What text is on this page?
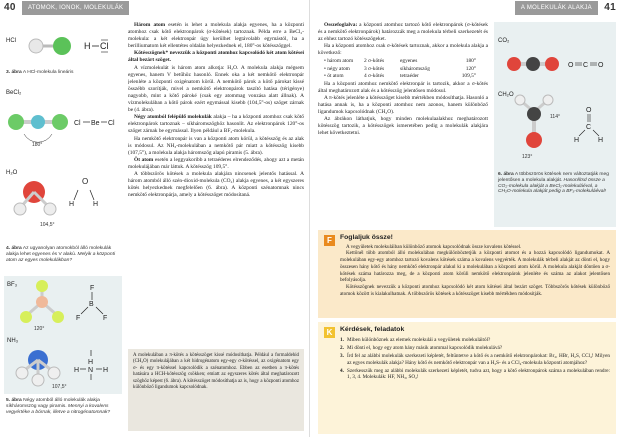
40	ATOMOK, IONOK, MOLEKULÁK
HCl	H Cl
3. ábra A HCl-molekula lineáris
BeCl₂
180°
Cl Be Cl
104,5°
O
H	H
H₂O
4. ábra Az ugyanolyan atomokból álló molekulák alakja lehet egyenes és V alakú. Melyik a központi atom az egyes molekulákban?
BF₃
120°
F
B
F	F
107,5°
H
N
H	H
NH₃
5. ábra Négy atomból álló molekulák alakja síkháromszög vagy piramis. Mennyi a kovalens vegyértéke a bórnak, illetve a nitrogénatomnak?

Három atom esetén is lehet a molekula alakja egyenes, ha a központi atomhoz csak kötő elektronpárok (σ-kötések) tartoznak. Példa erre a BeCl₂-molekula: a két elektronpár úgy kerülhet legtávolabb egymástól, ha a berilliumatom két ellentétes oldalán helyezkednek el, 180°-os kötésszöggel.

Kötésszögnek* nevezzük a központi atomhoz kapcsolódó két atom kötései által bezárt szöget.

A vízmolekulát is három atom alkotja: H₂O. A molekula alakja mégsem egyenes, hanem V betűhöz hasonló. Ennek oka a két nemkötő elektronpár jelenléte a központi oxigénatom körül. A nemkötő párok a kötő párokat kissé összébb szorítják, mivel a nemkötő elektronpárok taszító hatása (térigénye) nagyobb, mint a kötő pároké (csak egy atommag vonzása alatt állnak). A vízmolekulában a kötő párok ezért egymással kisebb (104,5°-os) szöget zárnak be (4. ábra).

Négy atomból felépülő molekulák alakja – ha a központi atomhoz csak kötő elektronpárok tartoznak – síkháromszöghöz hasonlít. Az elektronpárok 120°-os szöget zárnak be egymással. Ilyen például a BF₃-molekula.

Ha nemkötő elektronpár is van a központi atom körül, a kötésszög és az alak is módosul. Az NH₃-molekulában a nemkötő pár miatt a kötésszög kisebb (107,5°), a molekula alakja háromszög alapú piramis (5. ábra).

Öt atom esetén a leggyakoribb a tetraéderes elrendeződés, ahogy azt a metán molekulájában már láttuk. A kötésszög 109,5°.

A többszörös kötések a molekula alakjára nincsenek jelentős hatással. A három atomból álló szén-dioxid-molekula (CO₂) alakja egyenes, a két egyszeres kötés helyezkednek megfelelően (6. ábra). A központi szénatomnak nincs nemkötő elektronpárja, amely a kötésszöget módosítaná.

A molekulában a π-kötés a kötésszöget kissé módosíthatja. Például a formaldehid (CH₂O) molekulájában a két hidrogénatom egy-egy σ-kötéssel, az oxigénatom egy σ- és egy π-kötéssel kapcsolódik a szénatomhoz. Ebben az esetben a π-kötés hatására a HCH-kötésszög csökken; emiatt az egyszeres kötés által meghatározott szöghöz képest (6. ábra). A kötésszöget módosíthatja az is, hogy a központi atomhoz különböző ligandumok kapcsolódnak.
A MOLEKULÁK ALAKJA	41

Összefoglalva: a központi atomhoz tartozó kötő elektronpárok (σ-kötések és a nemkötő elektronpárok) határozzák meg a molekula térbeli szerkezetét és az ehhez tartozó kötésszögeket.

Ha a központi atomhoz csak σ-kötések tartoznak, akkor a molekula alakja a következő:

• három atom	2 σ-kötés	egyenes	180°
• négy atom	3 σ-kötés	síkháromszög	120°
• öt atom	4 σ-kötés	tetraéder	109,5°

Ha a központi atomhoz nemkötő elektronpár is tartozik, akkor a σ-kötés által meghatározott alak és a kötésszög jelentősen módosul.

A π-kötés jelenléte a kötésszöget kisebb mértékben módosíthatja. Hasonló a hatása annak is, ha a központi atomhoz nem azonos, hanem különböző ligandumok kapcsolódnak (CH₂O).

Az ábrákon láthatjuk, hogy minden molekulaalakhoz meghatározott kötésszög tartozik, a kötésszögek ismeretében pedig a molekulák alakjára lehet következtetni.

CO₂
CH₂O
O C O
114°
123°
O
C
H	H
6. ábra A többszörös kötések nem változtatják meg jelentősen a molekula alakját. Hasonlítsd össze a CO₂-molekula alakját a BeCl₂-molekuláéval, a CH₂O-molekula alakját pedig a BF₃-molekuláéval!
F	Foglaljuk össze!

A vegyületek molekuláiban különböző atomok kapcsolódnak össze kovalens kötéssel.

Kettőnél több atomból álló molekulában megkülönböztetjük a központi atomot és a hozzá kapcsolódó ligandumokat. A molekulában egy-egy atomhoz tartozó kovalens kötések száma a kovalens vegyérték. A molekulák térbeli alakját az dönti el, hogy összesen hány kötő és hány nemkötő elektronpár alakul ki a molekulában a központi atom körül. A molekula alakját döntően a σ-kötések száma határozza meg, de a központi atom körüli nemkötő elektronpárok jelenléte és száma az alakot jelentősen befolyásolja.

Kötésszögnek nevezzük a központi atomhoz kapcsolódó két atom kötései által bezárt szöget. Többszörös kötések különböző atomok között is kialakulhatnak. A többszörös kötések a kötésszöget kisebb mértékben módosítják.

K	Kérdések, feladatok
1. Miben különböznek az elemek molekulái a vegyületek molekuláitól?
2. Mi dönti el, hogy egy atom hány másik atommal kapcsolódik molekulává?
3. Írd fel az alábbi molekulák szerkezeti képletét, feltüntetve a kötő és a nemkötő elektronpárokat: Br₂, HBr, H₂S, CCl₄! Milyen az egyes molekulák alakja? Hány kötő és nemkötő elektronpár van a H₂S- és a CCl₄-molekula központi atomjához?
4. Szerkesszük meg az alábbi molekulák szerkezeti képletét, tudva azt, hogy a kötő elektronpárok száma a molekulában rendre: 1, 3, 4. Molekulák: HF, NH₃, SO₂!
